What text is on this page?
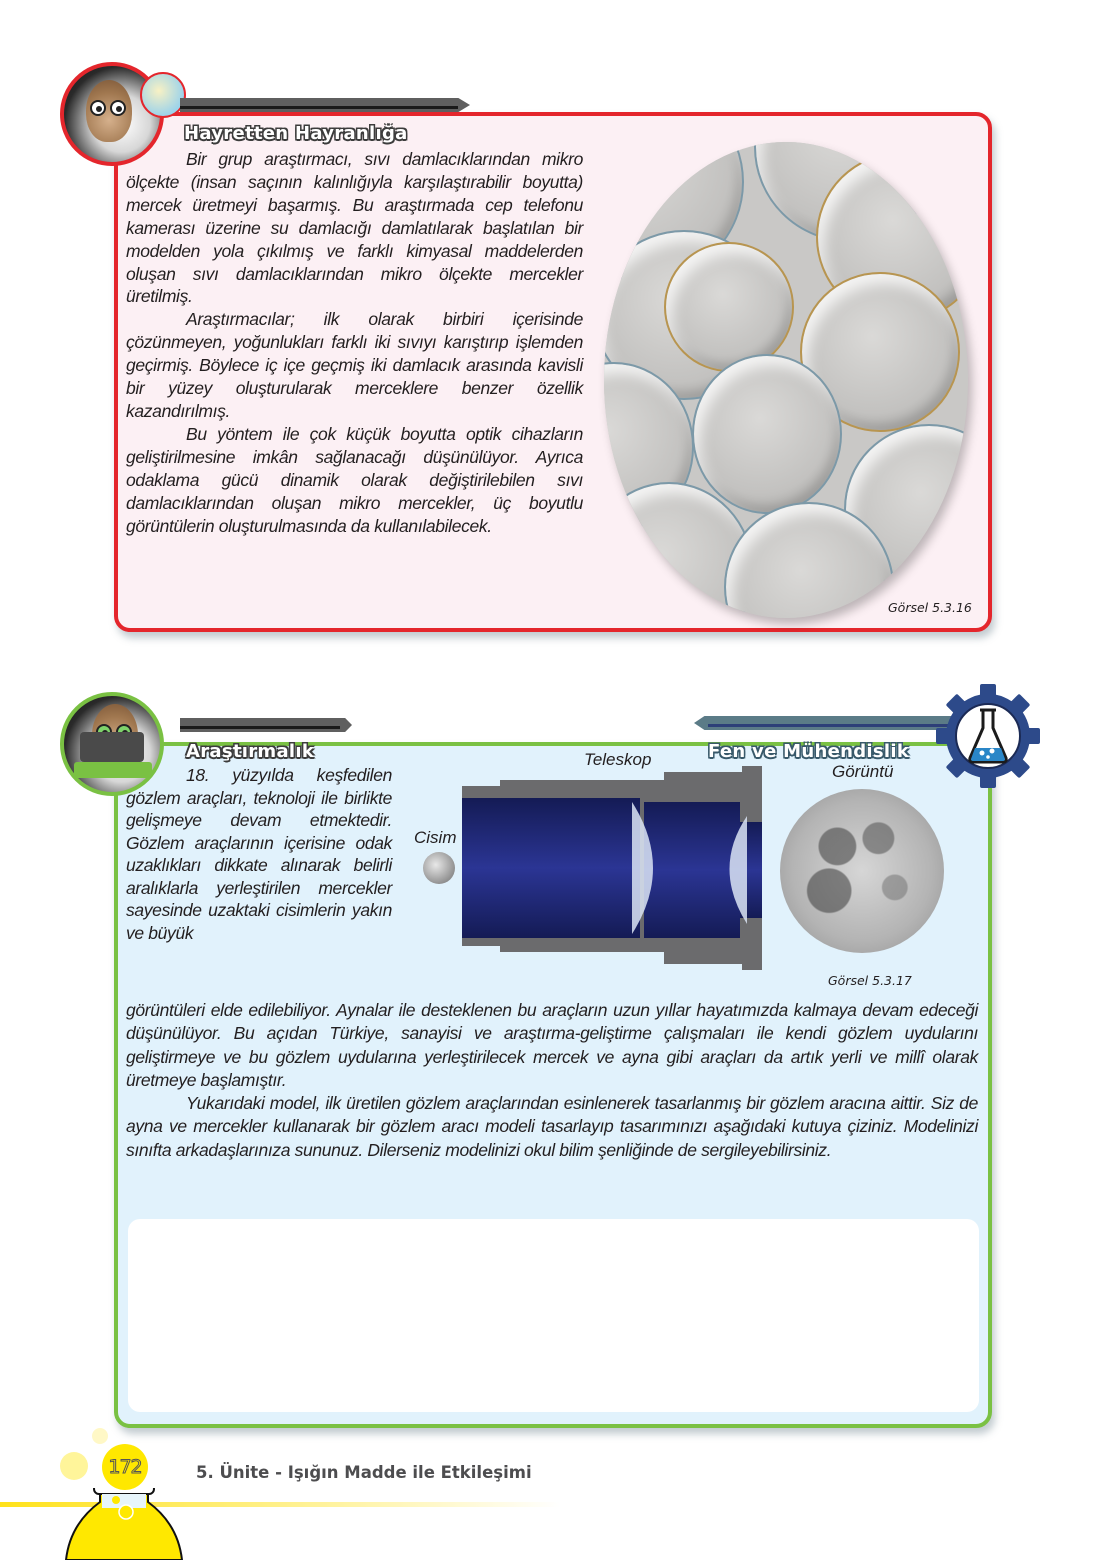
Hayretten Hayranlığa

Bir grup araştırmacı, sıvı damlacıklarından mikro ölçekte (insan saçının kalınlığıyla karşılaştırabilir boyutta) mercek üretmeyi başarmış. Bu araştırmada cep telefonu kamerası üzerine su damlacığı damlatılarak başlatılan bir modelden yola çıkılmış ve farklı kimyasal maddelerden oluşan sıvı damlacıklarından mikro ölçekte mercekler üretilmiş.

Araştırmacılar; ilk olarak birbiri içerisinde çözünmeyen, yoğunlukları farklı iki sıvıyı karıştırıp işlemden geçirmiş. Böylece iç içe geçmiş iki damlacık arasında kavisli bir yüzey oluşturularak merceklere benzer özellik kazandırılmış.

Bu yöntem ile çok küçük boyutta optik cihazların geliştirilmesine imkân sağlanacağı düşünülüyor. Ayrıca odaklama gücü dinamik olarak değiştirilebilen sıvı damlacıklarından oluşan mikro mercekler, üç boyutlu görüntülerin oluşturulmasında da kullanılabilecek.

Görsel 5.3.16
Araştırmalık	Fen ve Mühendislik

18. yüzyılda keşfedilen gözlem araçları, teknoloji ile birlikte gelişmeye devam etmektedir. Gözlem araçlarının içerisine odak uzaklıkları dikkate alınarak belirli aralıklarla yerleştirilen mercekler sayesinde uzaktaki cisimlerin yakın ve büyük

Teleskop
Cisim
Görüntü
Görsel 5.3.17

görüntüleri elde edilebiliyor. Aynalar ile desteklenen bu araçların uzun yıllar hayatımızda kalmaya devam edeceği düşünülüyor. Bu açıdan Türkiye, sanayisi ve araştırma-geliştirme çalışmaları ile kendi gözlem uydularını geliştirmeye ve bu gözlem uydularına yerleştirilecek mercek ve ayna gibi araçları da artık yerli ve millî olarak üretmeye başlamıştır.

Yukarıdaki model, ilk üretilen gözlem araçlarından esinlenerek tasarlanmış bir gözlem aracına aittir. Siz de ayna ve mercekler kullanarak bir gözlem aracı modeli tasarlayıp tasarımınızı aşağıdaki kutuya çiziniz. Modelinizi sınıfta arkadaşlarınıza sununuz. Dilerseniz modelinizi okul bilim şenliğinde de sergileyebilirsiniz.

172	5. Ünite - Işığın Madde ile Etkileşimi
